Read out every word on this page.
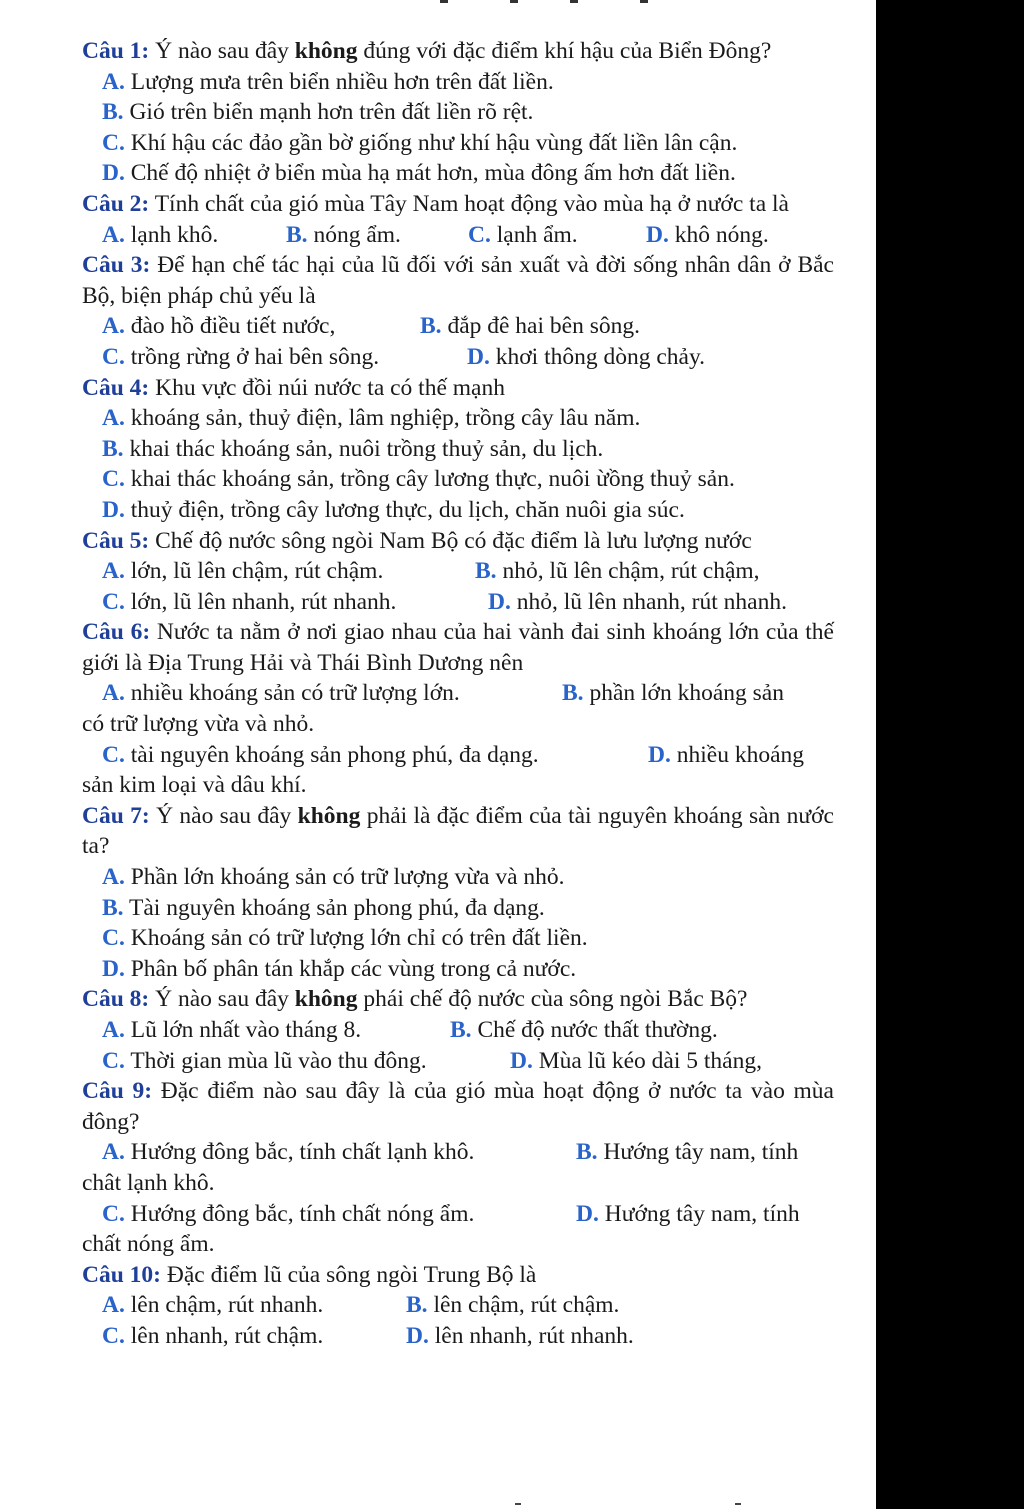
Câu 1: Ý nào sau đây không đúng với đặc điểm khí hậu của Biển Đông?
A. Lượng mưa trên biển nhiều hơn trên đất liền.
B. Gió trên biển mạnh hơn trên đất liền rõ rệt.
C. Khí hậu các đảo gần bờ giống như khí hậu vùng đất liền lân cận.
D. Chế độ nhiệt ở biển mùa hạ mát hơn, mùa đông ấm hơn đất liền.
Câu 2: Tính chất của gió mùa Tây Nam hoạt động vào mùa hạ ở nước ta là
A. lạnh khô.	B. nóng ẩm.	C. lạnh ẩm.	D. khô nóng.
Câu 3: Để hạn chế tác hại của lũ đối với sản xuất và đời sống nhân dân ở Bắc Bộ, biện pháp chủ yếu là
A. đào hồ điều tiết nước,	B. đắp đê hai bên sông.
C. trồng rừng ở hai bên sông.	D. khơi thông dòng chảy.
Câu 4: Khu vực đồi núi nước ta có thế mạnh
A. khoáng sản, thuỷ điện, lâm nghiệp, trồng cây lâu năm.
B. khai thác khoáng sản, nuôi trồng thuỷ sản, du lịch.
C. khai thác khoáng sản, trồng cây lương thực, nuôi ừồng thuỷ sản.
D. thuỷ điện, trồng cây lương thực, du lịch, chăn nuôi gia súc.
Câu 5: Chế độ nước sông ngòi Nam Bộ có đặc điểm là lưu lượng nước
A. lớn, lũ lên chậm, rút chậm.	B. nhỏ, lũ lên chậm, rút chậm,
C. lớn, lũ lên nhanh, rút nhanh.	D. nhỏ, lũ lên nhanh, rút nhanh.
Câu 6: Nước ta nằm ở nơi giao nhau của hai vành đai sinh khoáng lớn của thế giới là Địa Trung Hải và Thái Bình Dương nên
A. nhiều khoáng sản có trữ lượng lớn.	B. phần lớn khoáng sản
có trữ lượng vừa và nhỏ.
C. tài nguyên khoáng sản phong phú, đa dạng.	D. nhiều khoáng
sản kim loại và dâu khí.
Câu 7: Ý nào sau đây không phải là đặc điểm của tài nguyên khoáng sàn nước ta?
A. Phần lớn khoáng sản có trữ lượng vừa và nhỏ.
B. Tài nguyên khoáng sản phong phú, đa dạng.
C. Khoáng sản có trữ lượng lớn chỉ có trên đất liền.
D. Phân bố phân tán khắp các vùng trong cả nước.
Câu 8: Ý nào sau đây không phái chế độ nước cùa sông ngòi Bắc Bộ?
A. Lũ lớn nhất vào tháng 8.	B. Chế độ nước thất thường.
C. Thời gian mùa lũ vào thu đông.	D. Mùa lũ kéo dài 5 tháng,
Câu 9: Đặc điểm nào sau đây là của gió mùa hoạt động ở nước ta vào mùa đông?
A. Hướng đông bắc, tính chất lạnh khô.	B. Hướng tây nam, tính
chât lạnh khô.
C. Hướng đông bắc, tính chất nóng ẩm.	D. Hướng tây nam, tính
chất nóng ẩm.
Câu 10: Đặc điểm lũ của sông ngòi Trung Bộ là
A. lên chậm, rút nhanh.	B. lên chậm, rút chậm.
C. lên nhanh, rút chậm.	D. lên nhanh, rút nhanh.
